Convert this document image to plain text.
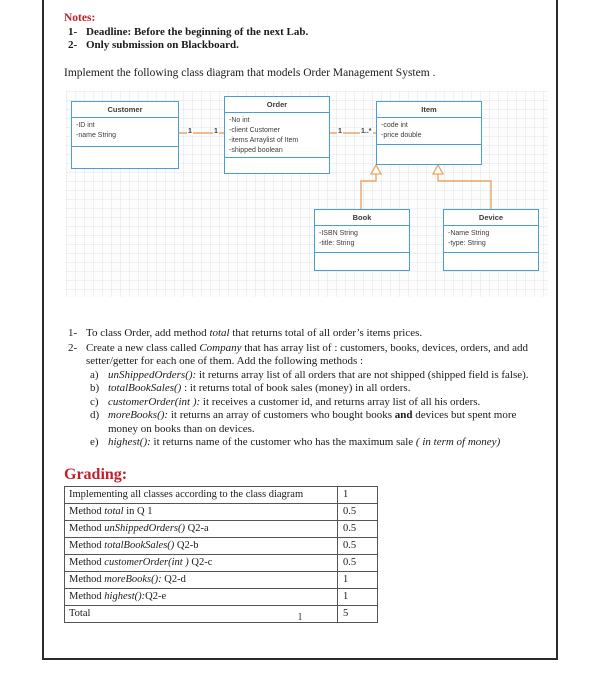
Notes:
1- Deadline: Before the beginning of the next Lab.
2- Only submission on Blackboard.

Implement the following class diagram that models Order Management System .

Customer
-ID int
-name String
Order
-No int
-client Customer
-items Arraylist of Item
-shipped boolean
Item
-code int
-price double
Book
-ISBN String
-title: String
Device
-Name String
-type: String
1	1	1	1..*
1- To class Order, add method total that returns total of all order’s items prices.
2- Create a new class called Company that has array list of : customers, books, devices, orders, and add setter/getter for each one of them. Add the following methods :
a) unShippedOrders(): it returns array list of all orders that are not shipped (shipped field is false).
b) totalBookSales() : it returns total of book sales (money) in all orders.
c) customerOrder(int ): it receives a customer id, and returns array list of all his orders.
d) moreBooks(): it returns an array of customers who bought books and devices but spent more money on books than on devices.
e) highest(): it returns name of the customer who has the maximum sale ( in term of money)
Grading:
Implementing all classes according to the class diagram	1
Method total in Q 1	0.5
Method unShippedOrders() Q2-a	0.5
Method totalBookSales() Q2-b	0.5
Method customerOrder(int ) Q2-c	0.5
Method moreBooks(): Q2-d	1
Method highest():Q2-e	1
Total	5
1
